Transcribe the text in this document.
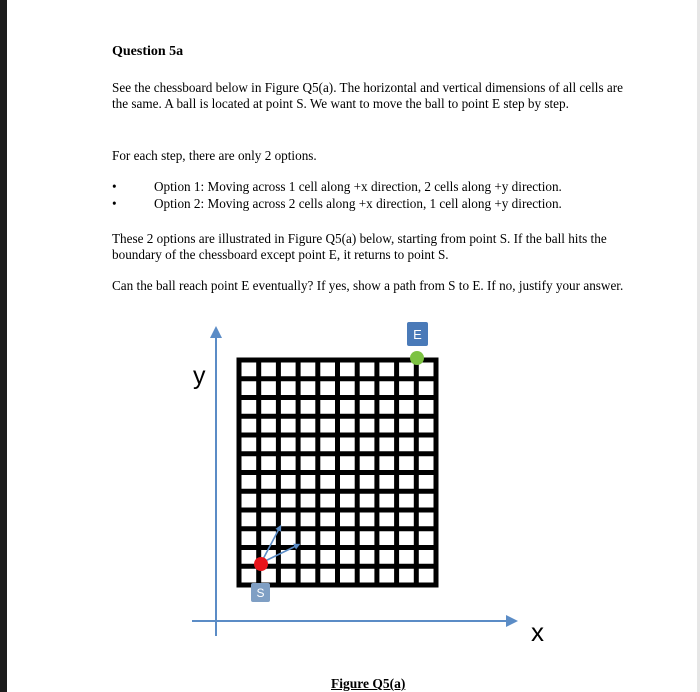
Question 5a
See the chessboard below in Figure Q5(a). The horizontal and vertical dimensions of all cells are the same. A ball is located at point S. We want to move the ball to point E step by step.
For each step, there are only 2 options.
•	Option 1: Moving across 1 cell along +x direction, 2 cells along +y direction.
•	Option 2: Moving across 2 cells along +x direction, 1 cell along +y direction.
These 2 options are illustrated in Figure Q5(a) below, starting from point S. If the ball hits the boundary of the chessboard except point E, it returns to point S.
Can the ball reach point E eventually? If yes, show a path from S to E. If no, justify your answer.
y
x
S
E
Figure Q5(a)
